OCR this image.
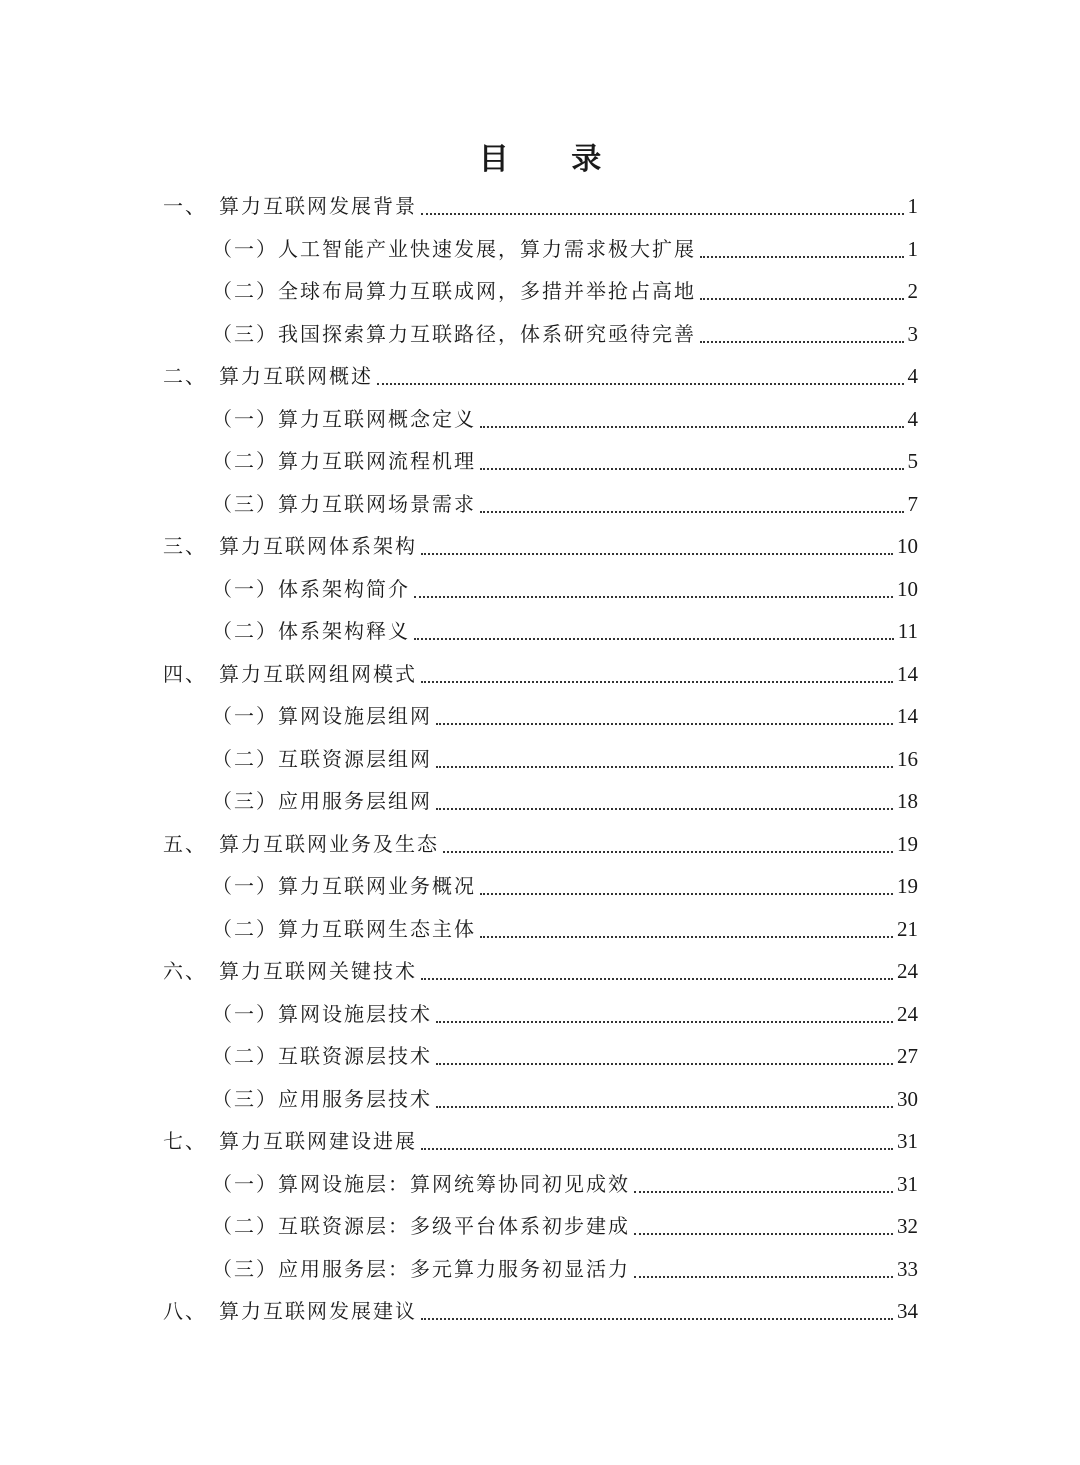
目 录
一、 算力互联网发展背景	1
（一）人工智能产业快速发展，算力需求极大扩展	1
（二）全球布局算力互联成网，多措并举抢占高地	2
（三）我国探索算力互联路径，体系研究亟待完善	3
二、 算力互联网概述	4
（一）算力互联网概念定义	4
（二）算力互联网流程机理	5
（三）算力互联网场景需求	7
三、 算力互联网体系架构	10
（一）体系架构简介	10
（二）体系架构释义	11
四、 算力互联网组网模式	14
（一）算网设施层组网	14
（二）互联资源层组网	16
（三）应用服务层组网	18
五、 算力互联网业务及生态	19
（一）算力互联网业务概况	19
（二）算力互联网生态主体	21
六、 算力互联网关键技术	24
（一）算网设施层技术	24
（二）互联资源层技术	27
（三）应用服务层技术	30
七、 算力互联网建设进展	31
（一）算网设施层：算网统筹协同初见成效	31
（二）互联资源层：多级平台体系初步建成	32
（三）应用服务层：多元算力服务初显活力	33
八、 算力互联网发展建议	34
